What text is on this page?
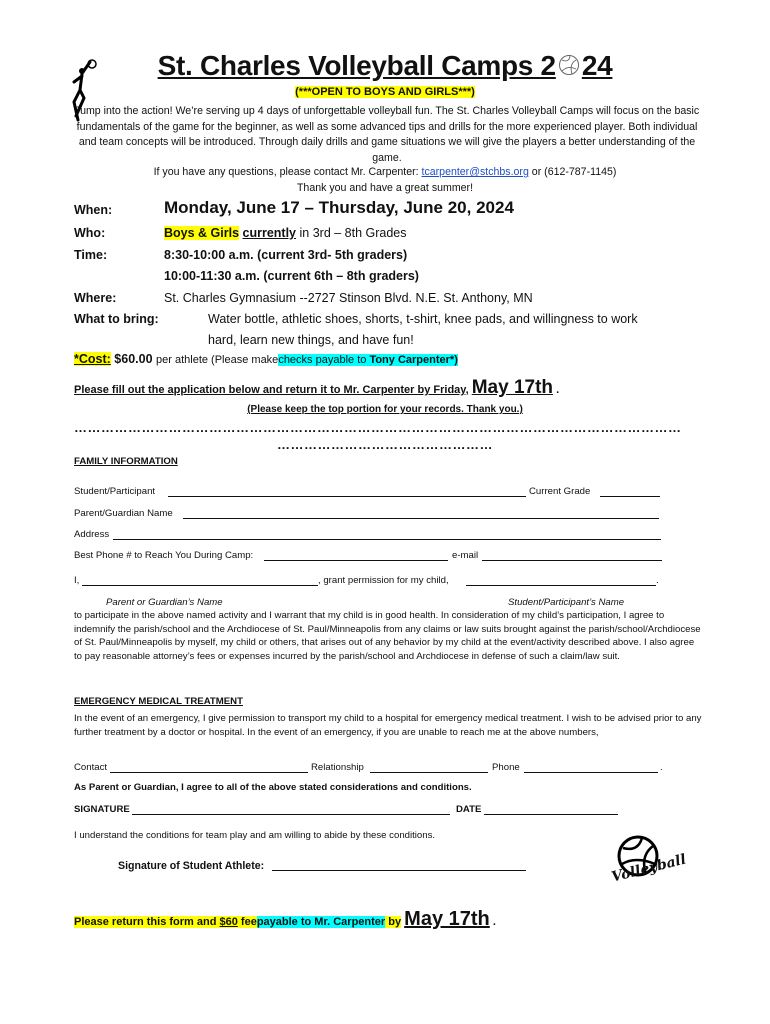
St. Charles Volleyball Camps 2 24
(***OPEN TO BOYS AND GIRLS***)
Jump into the action! We’re serving up 4 days of unforgettable volleyball fun. The St. Charles Volleyball Camps will focus on the basic fundamentals of the game for the beginner, as well as some advanced tips and drills for the more experienced player. Both individual and team concepts will be introduced. Through daily drills and game situations we will give the players a better understanding of the game.
If you have any questions, please contact Mr. Carpenter: tcarpenter@stchbs.org or (612-787-1145)
Thank you and have a great summer!
When:	Monday, June 17 – Thursday, June 20, 2024
Who:	Boys & Girls currently in 3rd – 8th Grades
Time:	8:30-10:00 a.m. (current 3rd- 5th graders)
10:00-11:30 a.m. (current 6th – 8th graders)
Where:	St. Charles Gymnasium --2727 Stinson Blvd. N.E. St. Anthony, MN
What to bring:	Water bottle, athletic shoes, shorts, t-shirt, knee pads, and willingness to work
hard, learn new things, and have fun!
*Cost: $60.00 per athlete (Please makechecks payable to Tony Carpenter*)
Please fill out the application below and return it to Mr. Carpenter by Friday, May 17th .
(Please keep the top portion for your records. Thank you.)
………………………………………………………………………………………………………………………
…………………………………………
FAMILY INFORMATION
Student/Participant	Current Grade
Parent/Guardian Name
Address
Best Phone # to Reach You During Camp:	e-mail
I,	, grant permission for my child,	.
Parent or Guardian’s Name	Student/Participant’s Name
to participate in the above named activity and I warrant that my child is in good health. In consideration of my child’s participation, I agree to indemnify the parish/school and the Archdiocese of St. Paul/Minneapolis from any claims or law suits brought against the parish/school/Archdiocese of St. Paul/Minneapolis by myself, my child or others, that arises out of any behavior by my child at the event/activity described above. I also agree to pay reasonable attorney’s fees or expenses incurred by the parish/school and Archdiocese in defense of such a claim/law suit.
EMERGENCY MEDICAL TREATMENT
In the event of an emergency, I give permission to transport my child to a hospital for emergency medical treatment. I wish to be advised prior to any further treatment by a doctor or hospital. In the event of an emergency, if you are unable to reach me at the above numbers,
Contact	Relationship	Phone	.
As Parent or Guardian, I agree to all of the above stated considerations and conditions.
SIGNATURE	DATE
I understand the conditions for team play and am willing to abide by these conditions.
Signature of Student Athlete:	Volleyball
Please return this form and $60 feepayable to Mr. Carpenter by May 17th .
